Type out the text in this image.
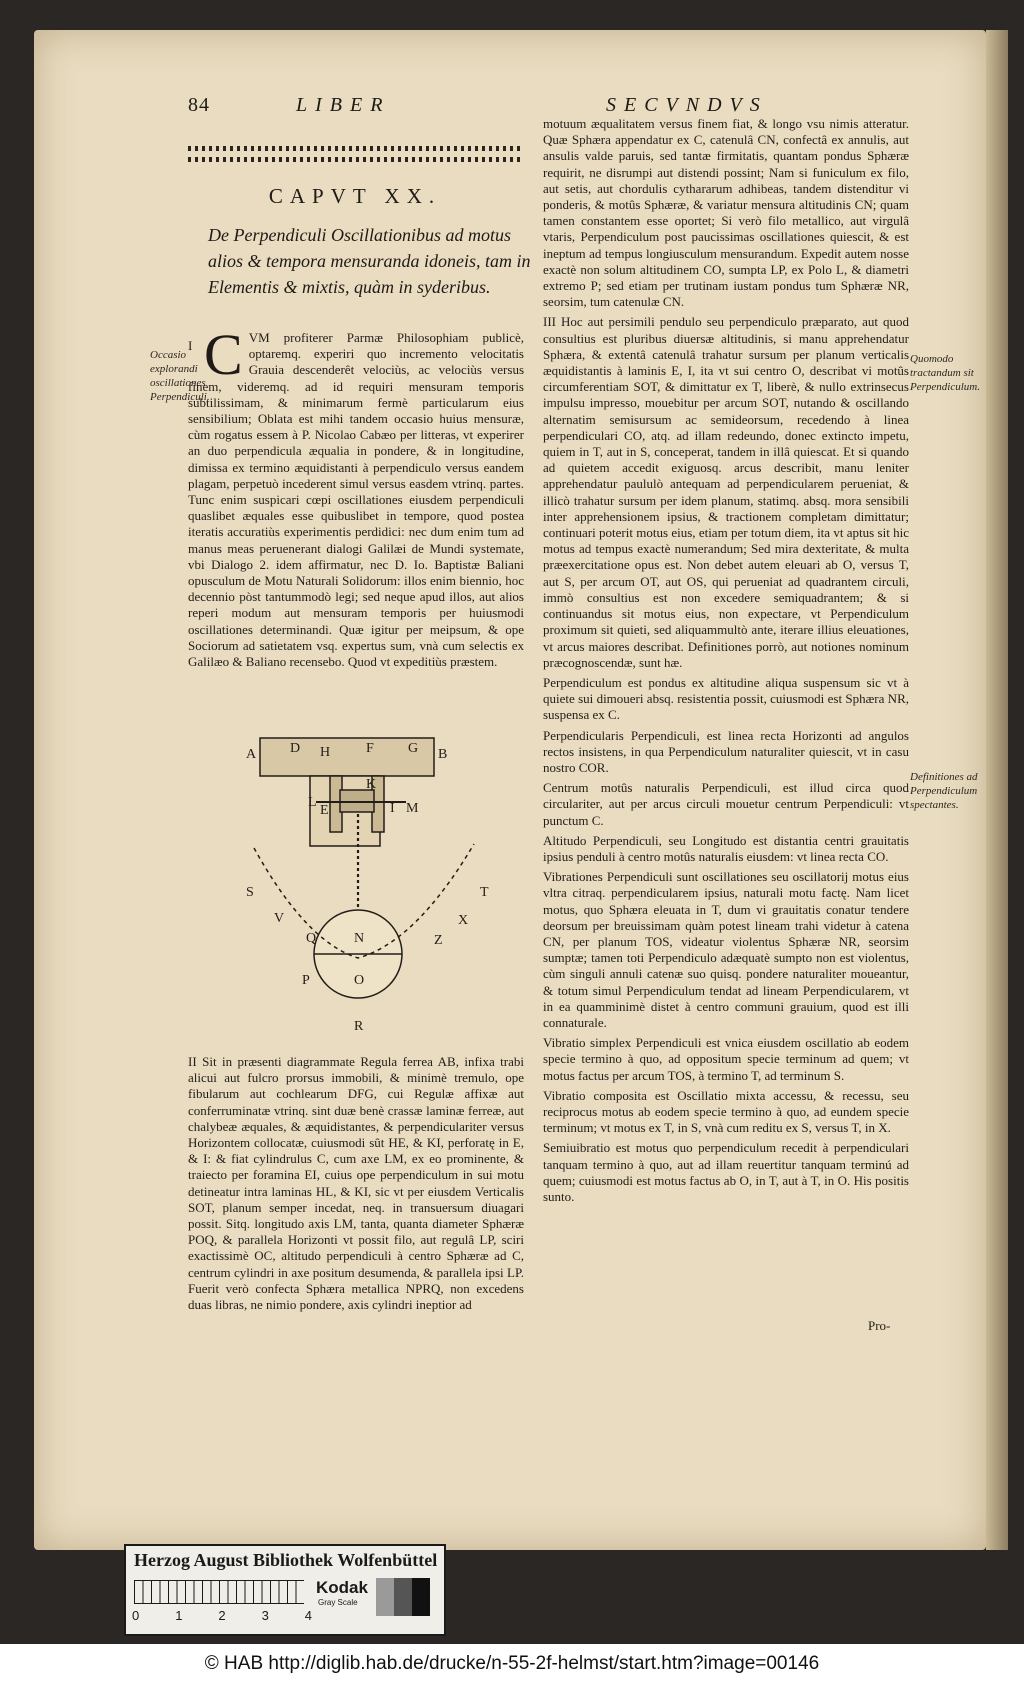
84	LIBER	SECVNDVS
CAPVT XX.
De Perpendiculi Oscillationibus ad motus alios & tempora mensuranda idoneis, tam in Elementis & mixtis, quàm in syderibus.
I CVM profiterer Parmæ Philosophiam publicè, optaremq. experiri quo incremento velocitatis Grauia descenderêt velociùs, ac velociùs versus finem, videremq. ad id requiri mensuram temporis subtilissimam, & minimarum fermè particularum eius sensibilium; Oblata est mihi tandem occasio huius mensuræ, cùm rogatus essem à P. Nicolao Cabæo per litteras, vt experirer an duo perpendicula æqualia in pondere, & in longitudine, dimissa ex termino æquidistanti à perpendiculo versus eandem plagam, perpetuò incederent simul versus easdem vtrinq. partes. Tunc enim suspicari cœpi oscillationes eiusdem perpendiculi quaslibet æquales esse quibuslibet in tempore, quod postea iteratis accuratiùs experimentis perdidici: nec dum enim tum ad manus meas peruenerant dialogi Galilæi de Mundi systemate, vbi Dialogo 2. idem affirmatur, nec D. Io. Baptistæ Baliani opusculum de Motu Naturali Solidorum: illos enim biennio, hoc decennio pòst tantummodò legi; sed neque apud illos, aut alios reperi modum aut mensuram temporis per huiusmodi oscillationes determinandi. Quæ igitur per meipsum, & ope Sociorum ad satietatem vsq. expertus sum, vnà cum selectis ex Galilæo & Baliano recensebo. Quod vt expeditiùs præstem.

Occasio explorandi oscillationes Perpendiculi.
Quomodo tractandum sit Perpendiculum.
Definitiones ad Perpendiculum spectantes.
A D H	F G B
K
L
E	I M
S	T
V	X
Q	Z
N
P	O
R

II Sit in præsenti diagrammate Regula ferrea AB, infixa trabi alicui aut fulcro prorsus immobili, & minimè tremulo, ope fibularum aut cochlearum DFG, cui Regulæ affixæ aut conferruminatæ vtrinq. sint duæ benè crassæ laminæ ferreæ, aut chalybeæ æquales, & æquidistantes, & perpendiculariter versus Horizontem collocatæ, cuiusmodi sût HE, & KI, perforatę in E, & I: & fiat cylindrulus C, cum axe LM, ex eo prominente, & traiecto per foramina EI, cuius ope perpendiculum in sui motu detineatur intra laminas HL, & KI, sic vt per eiusdem Verticalis SOT, planum semper incedat, neq. in transuersum diuagari possit. Sitq. longitudo axis LM, tanta, quanta diameter Sphæræ POQ, & parallela Horizonti vt possit filo, aut regulâ LP, sciri exactissimè OC, altitudo perpendiculi à centro Sphæræ ad C, centrum cylindri in axe positum desumenda, & parallela ipsi LP. Fuerit verò confecta Sphæra metallica NPRQ, non excedens duas libras, ne nimio pondere, axis cylindri ineptior ad

motuum æqualitatem versus finem fiat, & longo vsu nimis atteratur. Quæ Sphæra appendatur ex C, catenulâ CN, confectâ ex annulis, aut ansulis valde paruis, sed tantæ firmitatis, quantam pondus Sphæræ requirit, ne disrumpi aut distendi possint; Nam si funiculum ex filo, aut setis, aut chordulis cythararum adhibeas, tandem distenditur vi ponderis, & motûs Sphæræ, & variatur mensura altitudinis CN; quam tamen constantem esse oportet; Si verò filo metallico, aut virgulâ vtaris, Perpendiculum post paucissimas oscillationes quiescit, & est ineptum ad tempus longiusculum mensurandum. Expedit autem nosse exactè non solum altitudinem CO, sumpta LP, ex Polo L, & diametri extremo P; sed etiam per trutinam iustam pondus tum Sphæræ NR, seorsim, tum catenulæ CN.

III Hoc aut persimili pendulo seu perpendiculo præparato, aut quod consultius est pluribus diuersæ altitudinis, si manu apprehendatur Sphæra, & extentâ catenulâ trahatur sursum per planum verticalis æquidistantis à laminis E, I, ita vt sui centro O, describat vi motûs circumferentiam SOT, & dimittatur ex T, liberè, & nullo extrinsecus impulsu impresso, mouebitur per arcum SOT, nutando & oscillando alternatim semisursum ac semideorsum, recedendo à linea perpendiculari CO, atq. ad illam redeundo, donec extincto impetu, quiem in T, aut in S, conceperat, tandem in illâ quiescat. Et si quando ad quietem accedit exiguosq. arcus describit, manu leniter apprehendatur paululò antequam ad perpendicularem perueniat, & illicò trahatur sursum per idem planum, statimq. absq. mora sensibili inter apprehensionem ipsius, & tractionem completam dimittatur; continuari poterit motus eius, etiam per totum diem, ita vt aptus sit hic motus ad tempus exactè numerandum; Sed mira dexteritate, & multa præexercitatione opus est. Non debet autem eleuari ab O, versus T, aut S, per arcum OT, aut OS, qui perueniat ad quadrantem circuli, immò consultius est non excedere semiquadrantem; & si continuandus sit motus eius, non expectare, vt Perpendiculum proximum sit quieti, sed aliquammultò ante, iterare illius eleuationes, vt arcus maiores describat. Definitiones porrò, aut notiones nominum præcognoscendæ, sunt hæ.

Perpendiculum est pondus ex altitudine aliqua suspensum sic vt à quiete sui dimoueri absq. resistentia possit, cuiusmodi est Sphæra NR, suspensa ex C.

Perpendicularis Perpendiculi, est linea recta Horizonti ad angulos rectos insistens, in qua Perpendiculum naturaliter quiescit, vt in casu nostro COR.

Centrum motûs naturalis Perpendiculi, est illud circa quod circulariter, aut per arcus circuli mouetur centrum Perpendiculi: vt punctum C.

Altitudo Perpendiculi, seu Longitudo est distantia centri grauitatis ipsius penduli à centro motûs naturalis eiusdem: vt linea recta CO.

Vibrationes Perpendiculi sunt oscillationes seu oscillatorij motus eius vltra citraq. perpendicularem ipsius, naturali motu factę. Nam licet motus, quo Sphæra eleuata in T, dum vi grauitatis conatur tendere deorsum per breuissimam quàm potest lineam trahi videtur à catena CN, per planum TOS, videatur violentus Sphæræ NR, seorsim sumptæ; tamen toti Perpendiculo adæquatè sumpto non est violentus, cùm singuli annuli catenæ suo quisq. pondere naturaliter moueantur, & totum simul Perpendiculum tendat ad lineam Perpendicularem, vt in ea quamminimè distet à centro communi grauium, quod est illi connaturale.

Vibratio simplex Perpendiculi est vnica eiusdem oscillatio ab eodem specie termino à quo, ad oppositum specie terminum ad quem; vt motus factus per arcum TOS, à termino T, ad terminum S.

Vibratio composita est Oscillatio mixta accessu, & recessu, seu reciprocus motus ab eodem specie termino à quo, ad eundem specie terminum; vt motus ex T, in S, vnà cum reditu ex S, versus T, in X.

Semiuibratio est motus quo perpendiculum recedit à perpendiculari tanquam termino à quo, aut ad illam reuertitur tanquam terminú ad quem; cuiusmodi est motus factus ab O, in T, aut à T, in O. His positis sunto.

Pro-
Herzog August Bibliothek Wolfenbüttel
0	1	2	3	4
Kodak
Gray Scale
© HAB http://diglib.hab.de/drucke/n-55-2f-helmst/start.htm?image=00146
